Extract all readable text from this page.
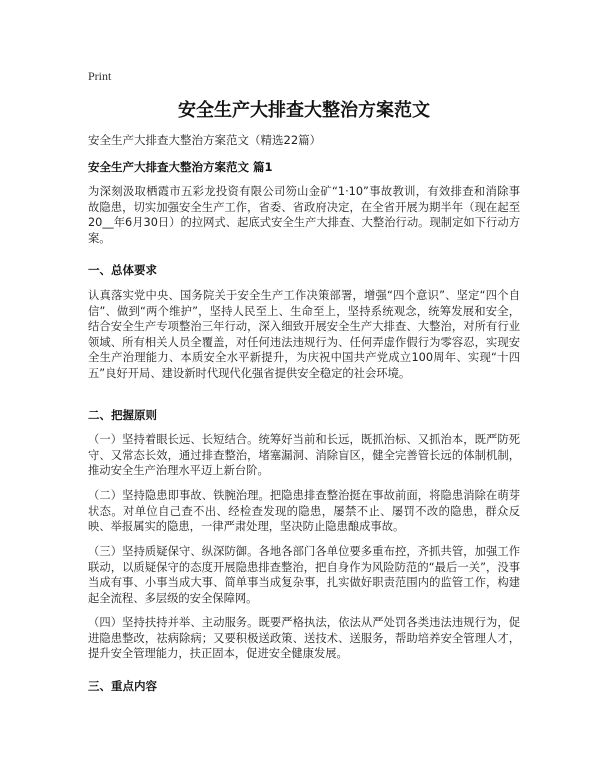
Print
安全生产大排查大整治方案范文

安全生产大排查大整治方案范文（精选22篇）

安全生产大排查大整治方案范文 篇1

为深刻汲取栖霞市五彩龙投资有限公司笏山金矿“1·10”事故教训，有效排查和消除事故隐患，切实加强安全生产工作，省委、省政府决定，在全省开展为期半年（现在起至20__年6月30日）的拉网式、起底式安全生产大排查、大整治行动。现制定如下行动方案。

一、总体要求

认真落实党中央、国务院关于安全生产工作决策部署，增强“四个意识”、坚定“四个自信”、做到“两个维护”，坚持人民至上、生命至上，坚持系统观念，统筹发展和安全，结合安全生产专项整治三年行动，深入细致开展安全生产大排查、大整治，对所有行业领域、所有相关人员全覆盖，对任何违法违规行为、任何弄虚作假行为零容忍，实现安全生产治理能力、本质安全水平新提升，为庆祝中国共产党成立100周年、实现“十四五”良好开局、建设新时代现代化强省提供安全稳定的社会环境。

二、把握原则

（一）坚持着眼长远、长短结合。统筹好当前和长远，既抓治标、又抓治本，既严防死守、又常态长效，通过排查整治，堵塞漏洞、消除盲区，健全完善管长远的体制机制，推动安全生产治理水平迈上新台阶。

（二）坚持隐患即事故、铁腕治理。把隐患排查整治挺在事故前面，将隐患消除在萌芽状态。对单位自己查不出、经检查发现的隐患，屡禁不止、屡罚不改的隐患，群众反映、举报属实的隐患，一律严肃处理，坚决防止隐患酿成事故。

（三）坚持质疑保守、纵深防御。各地各部门各单位要多重布控，齐抓共管，加强工作联动，以质疑保守的态度开展隐患排查整治，把自身作为风险防范的“最后一关”，没事当成有事、小事当成大事、简单事当成复杂事，扎实做好职责范围内的监管工作，构建起全流程、多层级的安全保障网。

（四）坚持扶持并举、主动服务。既要严格执法，依法从严处罚各类违法违规行为，促进隐患整改，祛病除病；又要积极送政策、送技术、送服务，帮助培养安全管理人才，提升安全管理能力，扶正固本，促进安全健康发展。

三、重点内容
